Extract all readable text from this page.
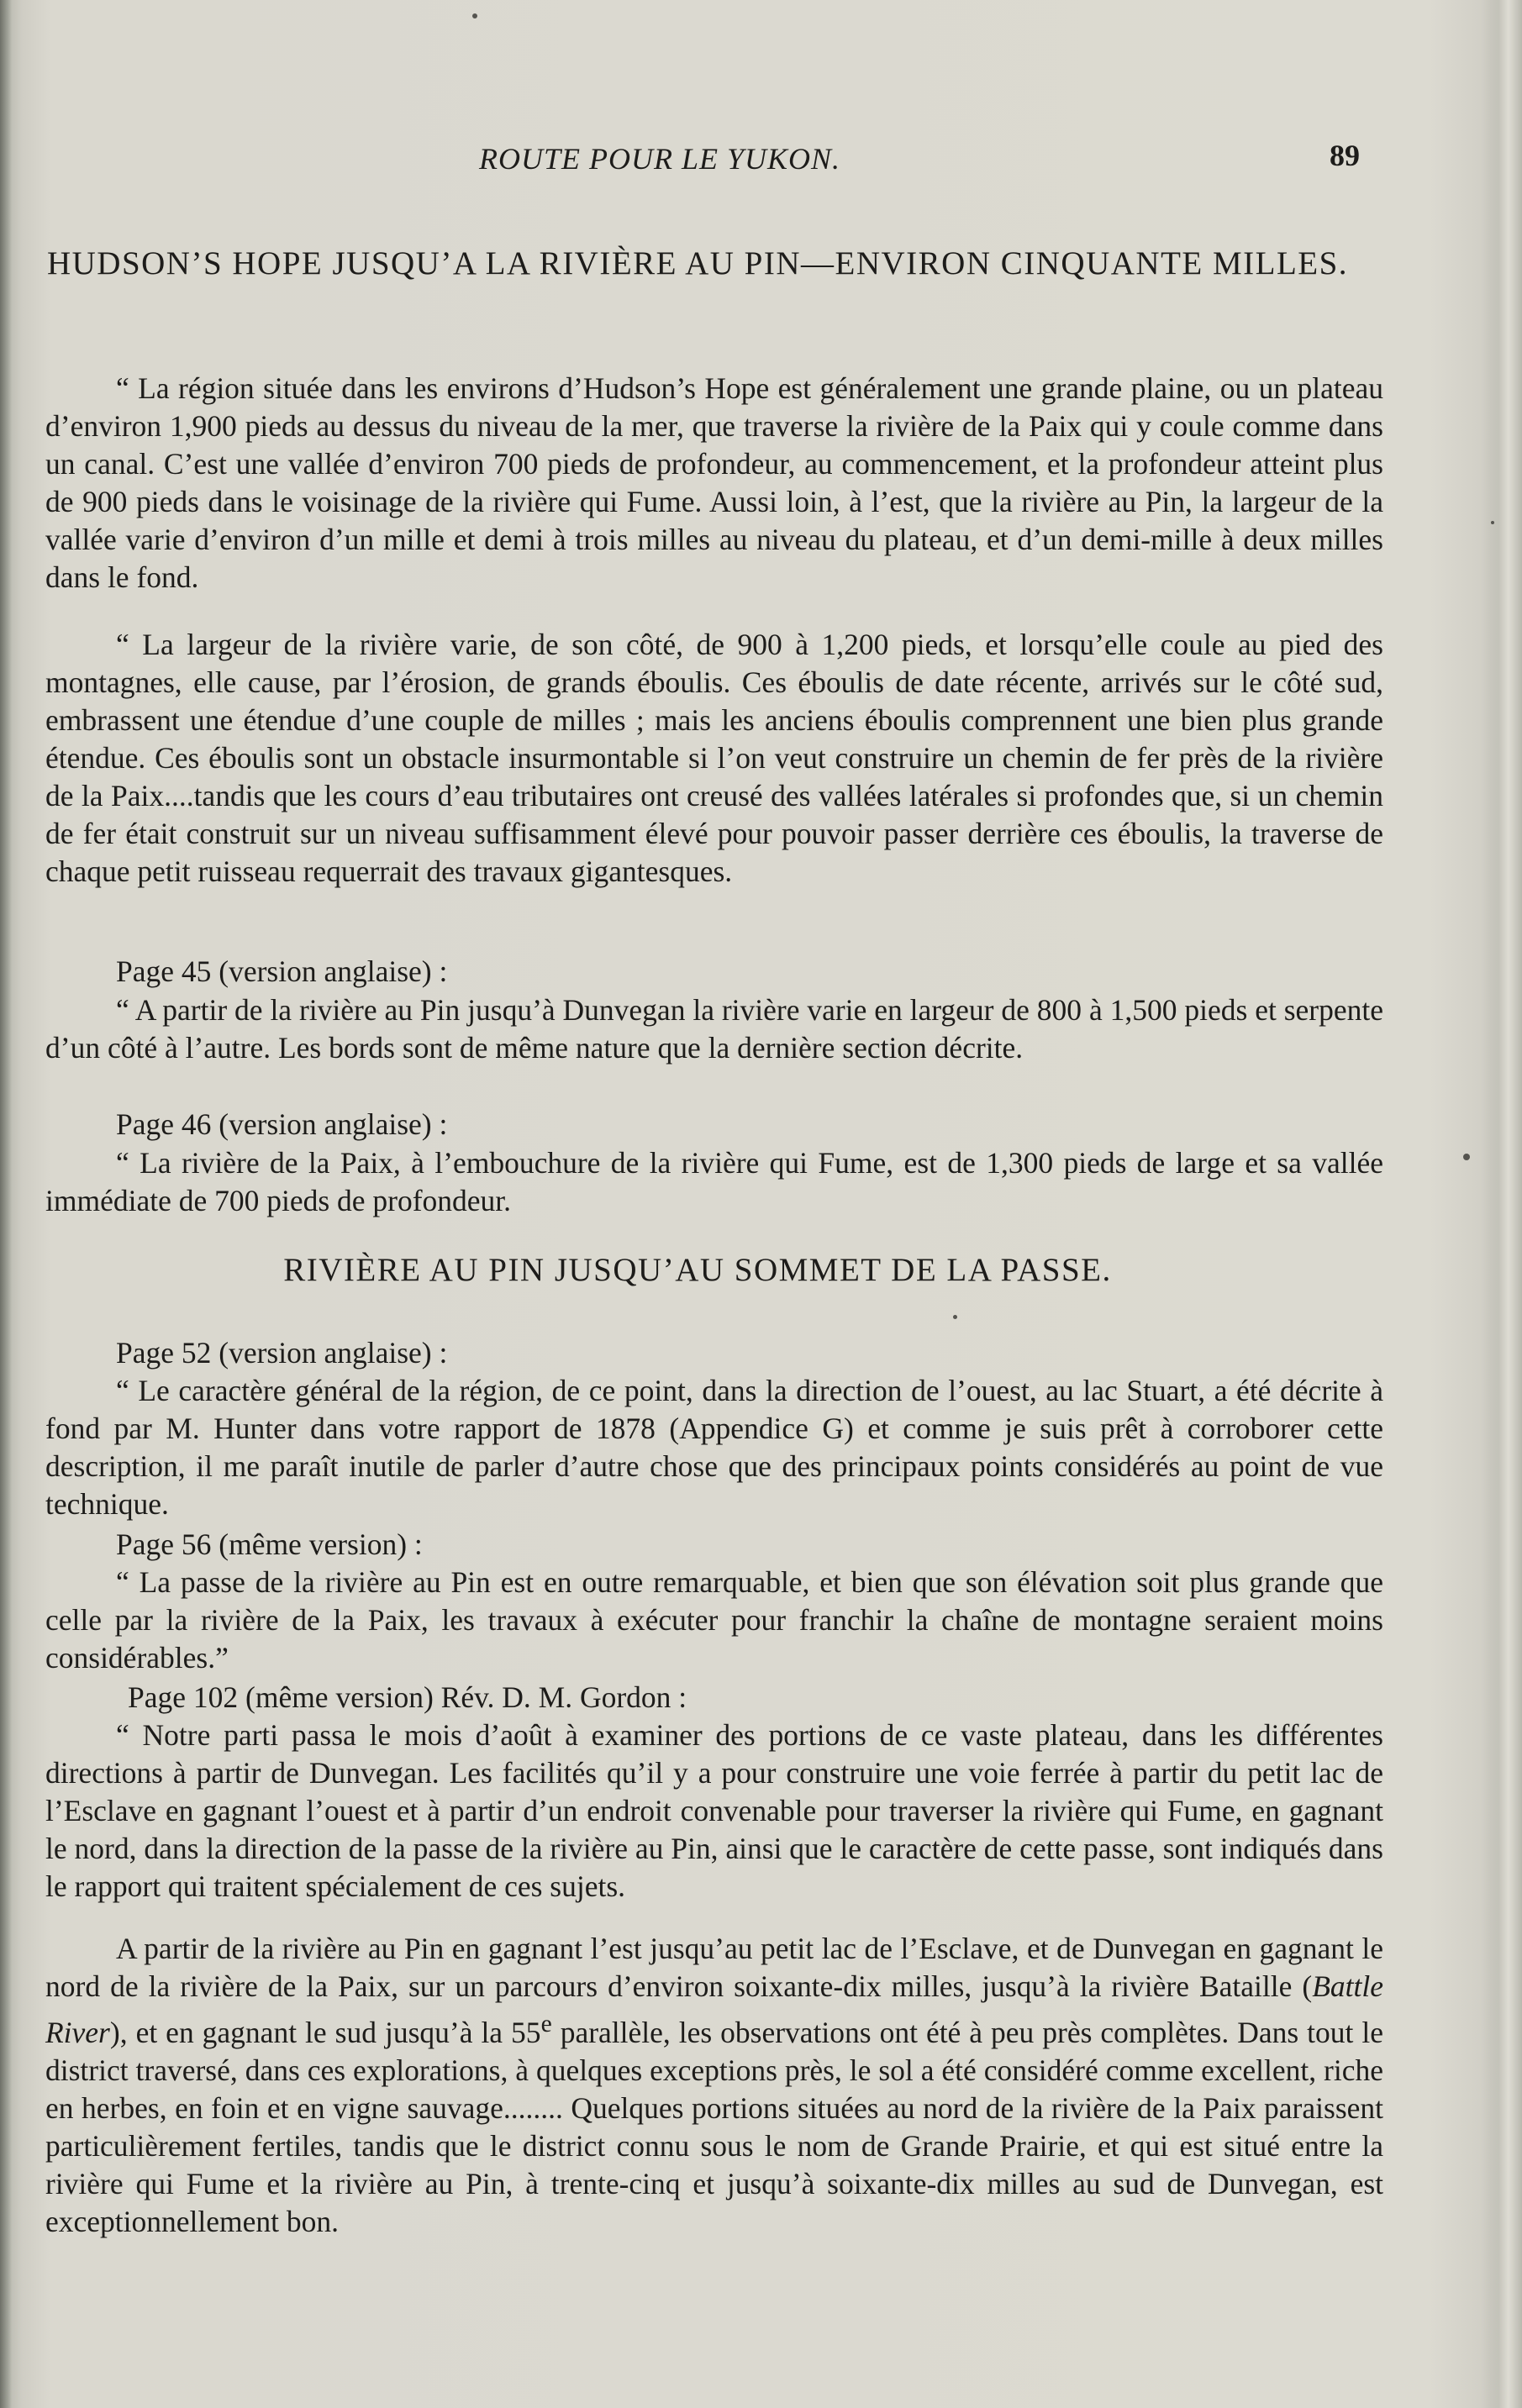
ROUTE POUR LE YUKON.	89
HUDSON’S HOPE JUSQU’A LA RIVIÈRE AU PIN—ENVIRON CINQUANTE MILLES.

“ La région située dans les environs d’Hudson’s Hope est généralement une grande plaine, ou un plateau d’environ 1,900 pieds au dessus du niveau de la mer, que traverse la rivière de la Paix qui y coule comme dans un canal. C’est une vallée d’environ 700 pieds de profondeur, au commencement, et la profondeur atteint plus de 900 pieds dans le voisinage de la rivière qui Fume. Aussi loin, à l’est, que la rivière au Pin, la largeur de la vallée varie d’environ d’un mille et demi à trois milles au niveau du plateau, et d’un demi-mille à deux milles dans le fond.

“ La largeur de la rivière varie, de son côté, de 900 à 1,200 pieds, et lorsqu’elle coule au pied des montagnes, elle cause, par l’érosion, de grands éboulis. Ces éboulis de date récente, arrivés sur le côté sud, embrassent une étendue d’une couple de milles ; mais les anciens éboulis comprennent une bien plus grande étendue. Ces éboulis sont un obstacle insurmontable si l’on veut construire un chemin de fer près de la rivière de la Paix....tandis que les cours d’eau tributaires ont creusé des vallées latérales si profondes que, si un chemin de fer était construit sur un niveau suffisamment élevé pour pouvoir passer derrière ces éboulis, la traverse de chaque petit ruisseau requerrait des travaux gigantesques.

Page 45 (version anglaise) :

“ A partir de la rivière au Pin jusqu’à Dunvegan la rivière varie en largeur de 800 à 1,500 pieds et serpente d’un côté à l’autre. Les bords sont de même nature que la dernière section décrite.

Page 46 (version anglaise) :

“ La rivière de la Paix, à l’embouchure de la rivière qui Fume, est de 1,300 pieds de large et sa vallée immédiate de 700 pieds de profondeur.

RIVIÈRE AU PIN JUSQU’AU SOMMET DE LA PASSE.
Page 52 (version anglaise) :

“ Le caractère général de la région, de ce point, dans la direction de l’ouest, au lac Stuart, a été décrite à fond par M. Hunter dans votre rapport de 1878 (Appendice G) et comme je suis prêt à corroborer cette description, il me paraît inutile de parler d’autre chose que des principaux points considérés au point de vue technique.

Page 56 (même version) :

“ La passe de la rivière au Pin est en outre remarquable, et bien que son élévation soit plus grande que celle par la rivière de la Paix, les travaux à exécuter pour franchir la chaîne de montagne seraient moins considérables.”

Page 102 (même version) Rév. D. M. Gordon :

“ Notre parti passa le mois d’août à examiner des portions de ce vaste plateau, dans les différentes directions à partir de Dunvegan. Les facilités qu’il y a pour construire une voie ferrée à partir du petit lac de l’Esclave en gagnant l’ouest et à partir d’un endroit convenable pour traverser la rivière qui Fume, en gagnant le nord, dans la direction de la passe de la rivière au Pin, ainsi que le caractère de cette passe, sont indiqués dans le rapport qui traitent spécialement de ces sujets.

A partir de la rivière au Pin en gagnant l’est jusqu’au petit lac de l’Esclave, et de Dunvegan en gagnant le nord de la rivière de la Paix, sur un parcours d’environ soixante-dix milles, jusqu’à la rivière Bataille (Battle River), et en gagnant le sud jusqu’à la 55e parallèle, les observations ont été à peu près complètes. Dans tout le district traversé, dans ces explorations, à quelques exceptions près, le sol a été considéré comme excellent, riche en herbes, en foin et en vigne sauvage........ Quelques portions situées au nord de la rivière de la Paix paraissent particulièrement fertiles, tandis que le district connu sous le nom de Grande Prairie, et qui est situé entre la rivière qui Fume et la rivière au Pin, à trente-cinq et jusqu’à soixante-dix milles au sud de Dunvegan, est exceptionnellement bon.
